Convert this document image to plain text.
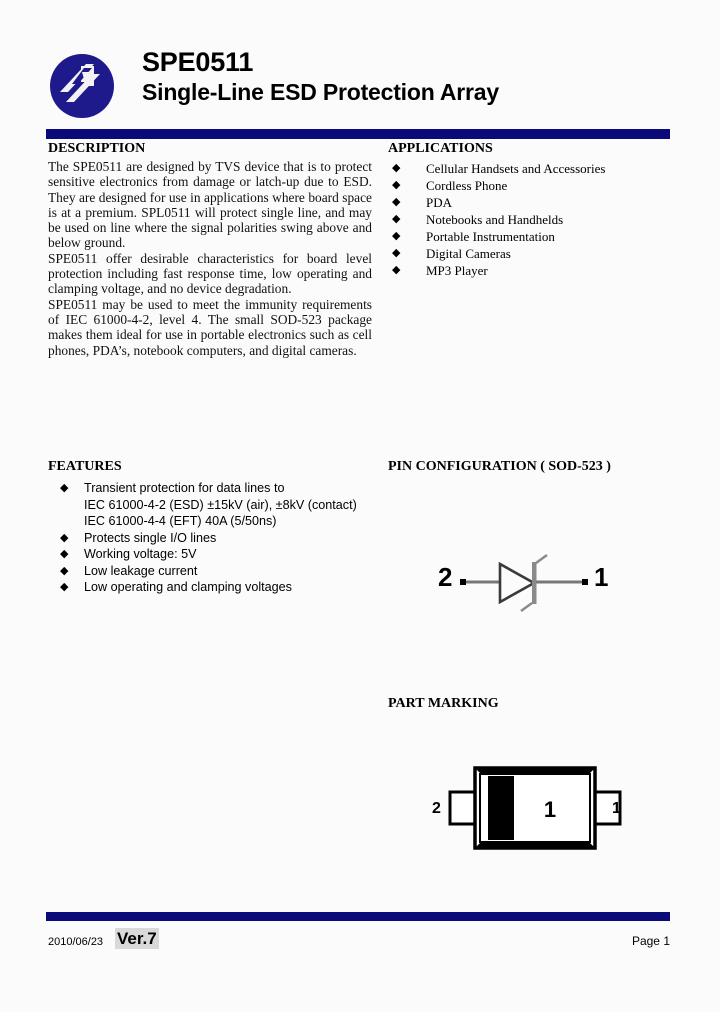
SPE0511
Single-Line ESD Protection Array
DESCRIPTION

The SPE0511 are designed by TVS device that is to protect sensitive electronics from damage or latch-up due to ESD. They are designed for use in applications where board space is at a premium. SPL0511 will protect single line, and may be used on line where the signal polarities swing above and below ground.

SPE0511 offer desirable characteristics for board level protection including fast response time, low operating and clamping voltage, and no device degradation.

SPE0511 may be used to meet the immunity requirements of IEC 61000-4-2, level 4. The small SOD-523 package makes them ideal for use in portable electronics such as cell phones, PDA’s, notebook computers, and digital cameras.

APPLICATIONS
◆ Cellular Handsets and Accessories
◆ Cordless Phone
◆ PDA
◆ Notebooks and Handhelds
◆ Portable Instrumentation
◆ Digital Cameras
◆ MP3 Player
FEATURES
◆ Transient protection for data lines to
IEC 61000-4-2 (ESD) ±15kV (air), ±8kV (contact)
IEC 61000-4-4 (EFT) 40A (5/50ns)
◆ Protects single I/O lines
◆ Working voltage: 5V
◆ Low leakage current
◆ Low operating and clamping voltages
PIN CONFIGURATION ( SOD-523 )
2	1
PART MARKING
2	1
1
2010/06/23 Ver.7	Page 1
